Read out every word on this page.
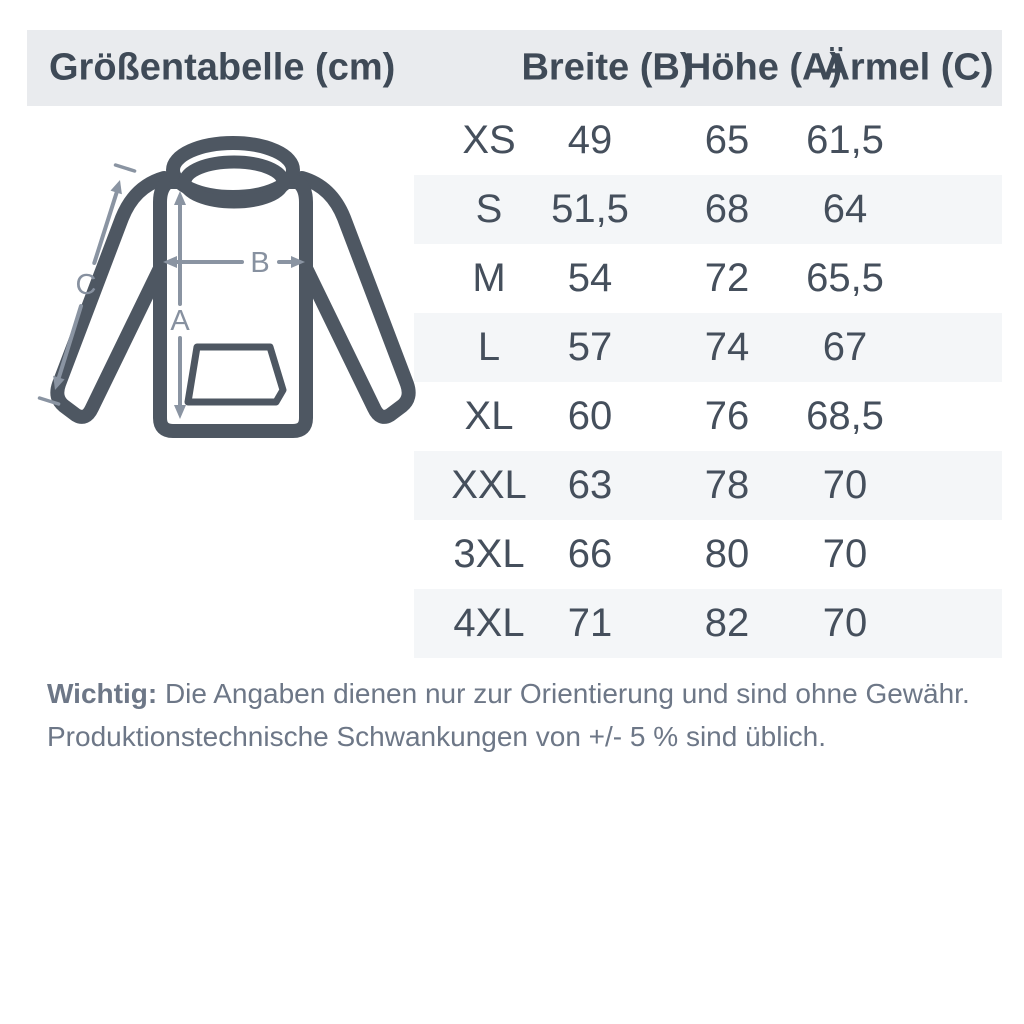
Größentabelle (cm)	Breite (B)
Höhe (A)
Ärmel (C)
A
B
C
XS 49 65 61,5
S 51,5 68 64
M 54 72 65,5
L 57 74 67
XL 60 76 68,5
XXL 63 78 70
3XL 66 80 70
4XL 71 82 70
Wichtig: Die Angaben dienen nur zur Orientierung und sind ohne Gewähr.
Produktionstechnische Schwankungen von +/- 5 % sind üblich.
